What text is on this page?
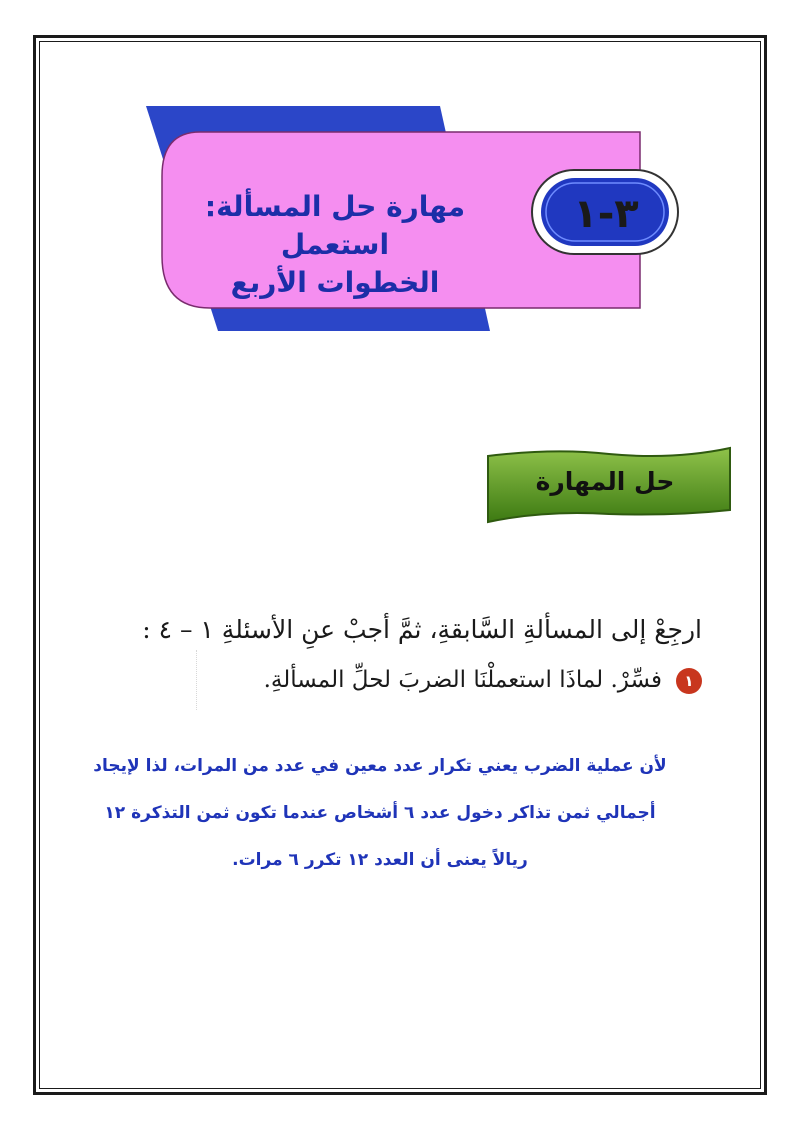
٣-١
مهارة حل المسألة: استعمل
الخطوات الأربع
حل المهارة
ارجِعْ إلى المسألةِ السَّابقةِ، ثمَّ أجبْ عنِ الأسئلةِ ١ – ٤ :
١فسِّرْ. لماذَا استعملْنَا الضربَ لحلِّ المسألةِ.
لأن عملية الضرب يعني تكرار عدد معين في عدد من المرات، لذا لإيجاد
أجمالي ثمن تذاكر دخول عدد ٦ أشخاص عندما تكون ثمن التذكرة ١٢
ريالاً يعنى أن العدد ١٢ تكرر ٦ مرات.
